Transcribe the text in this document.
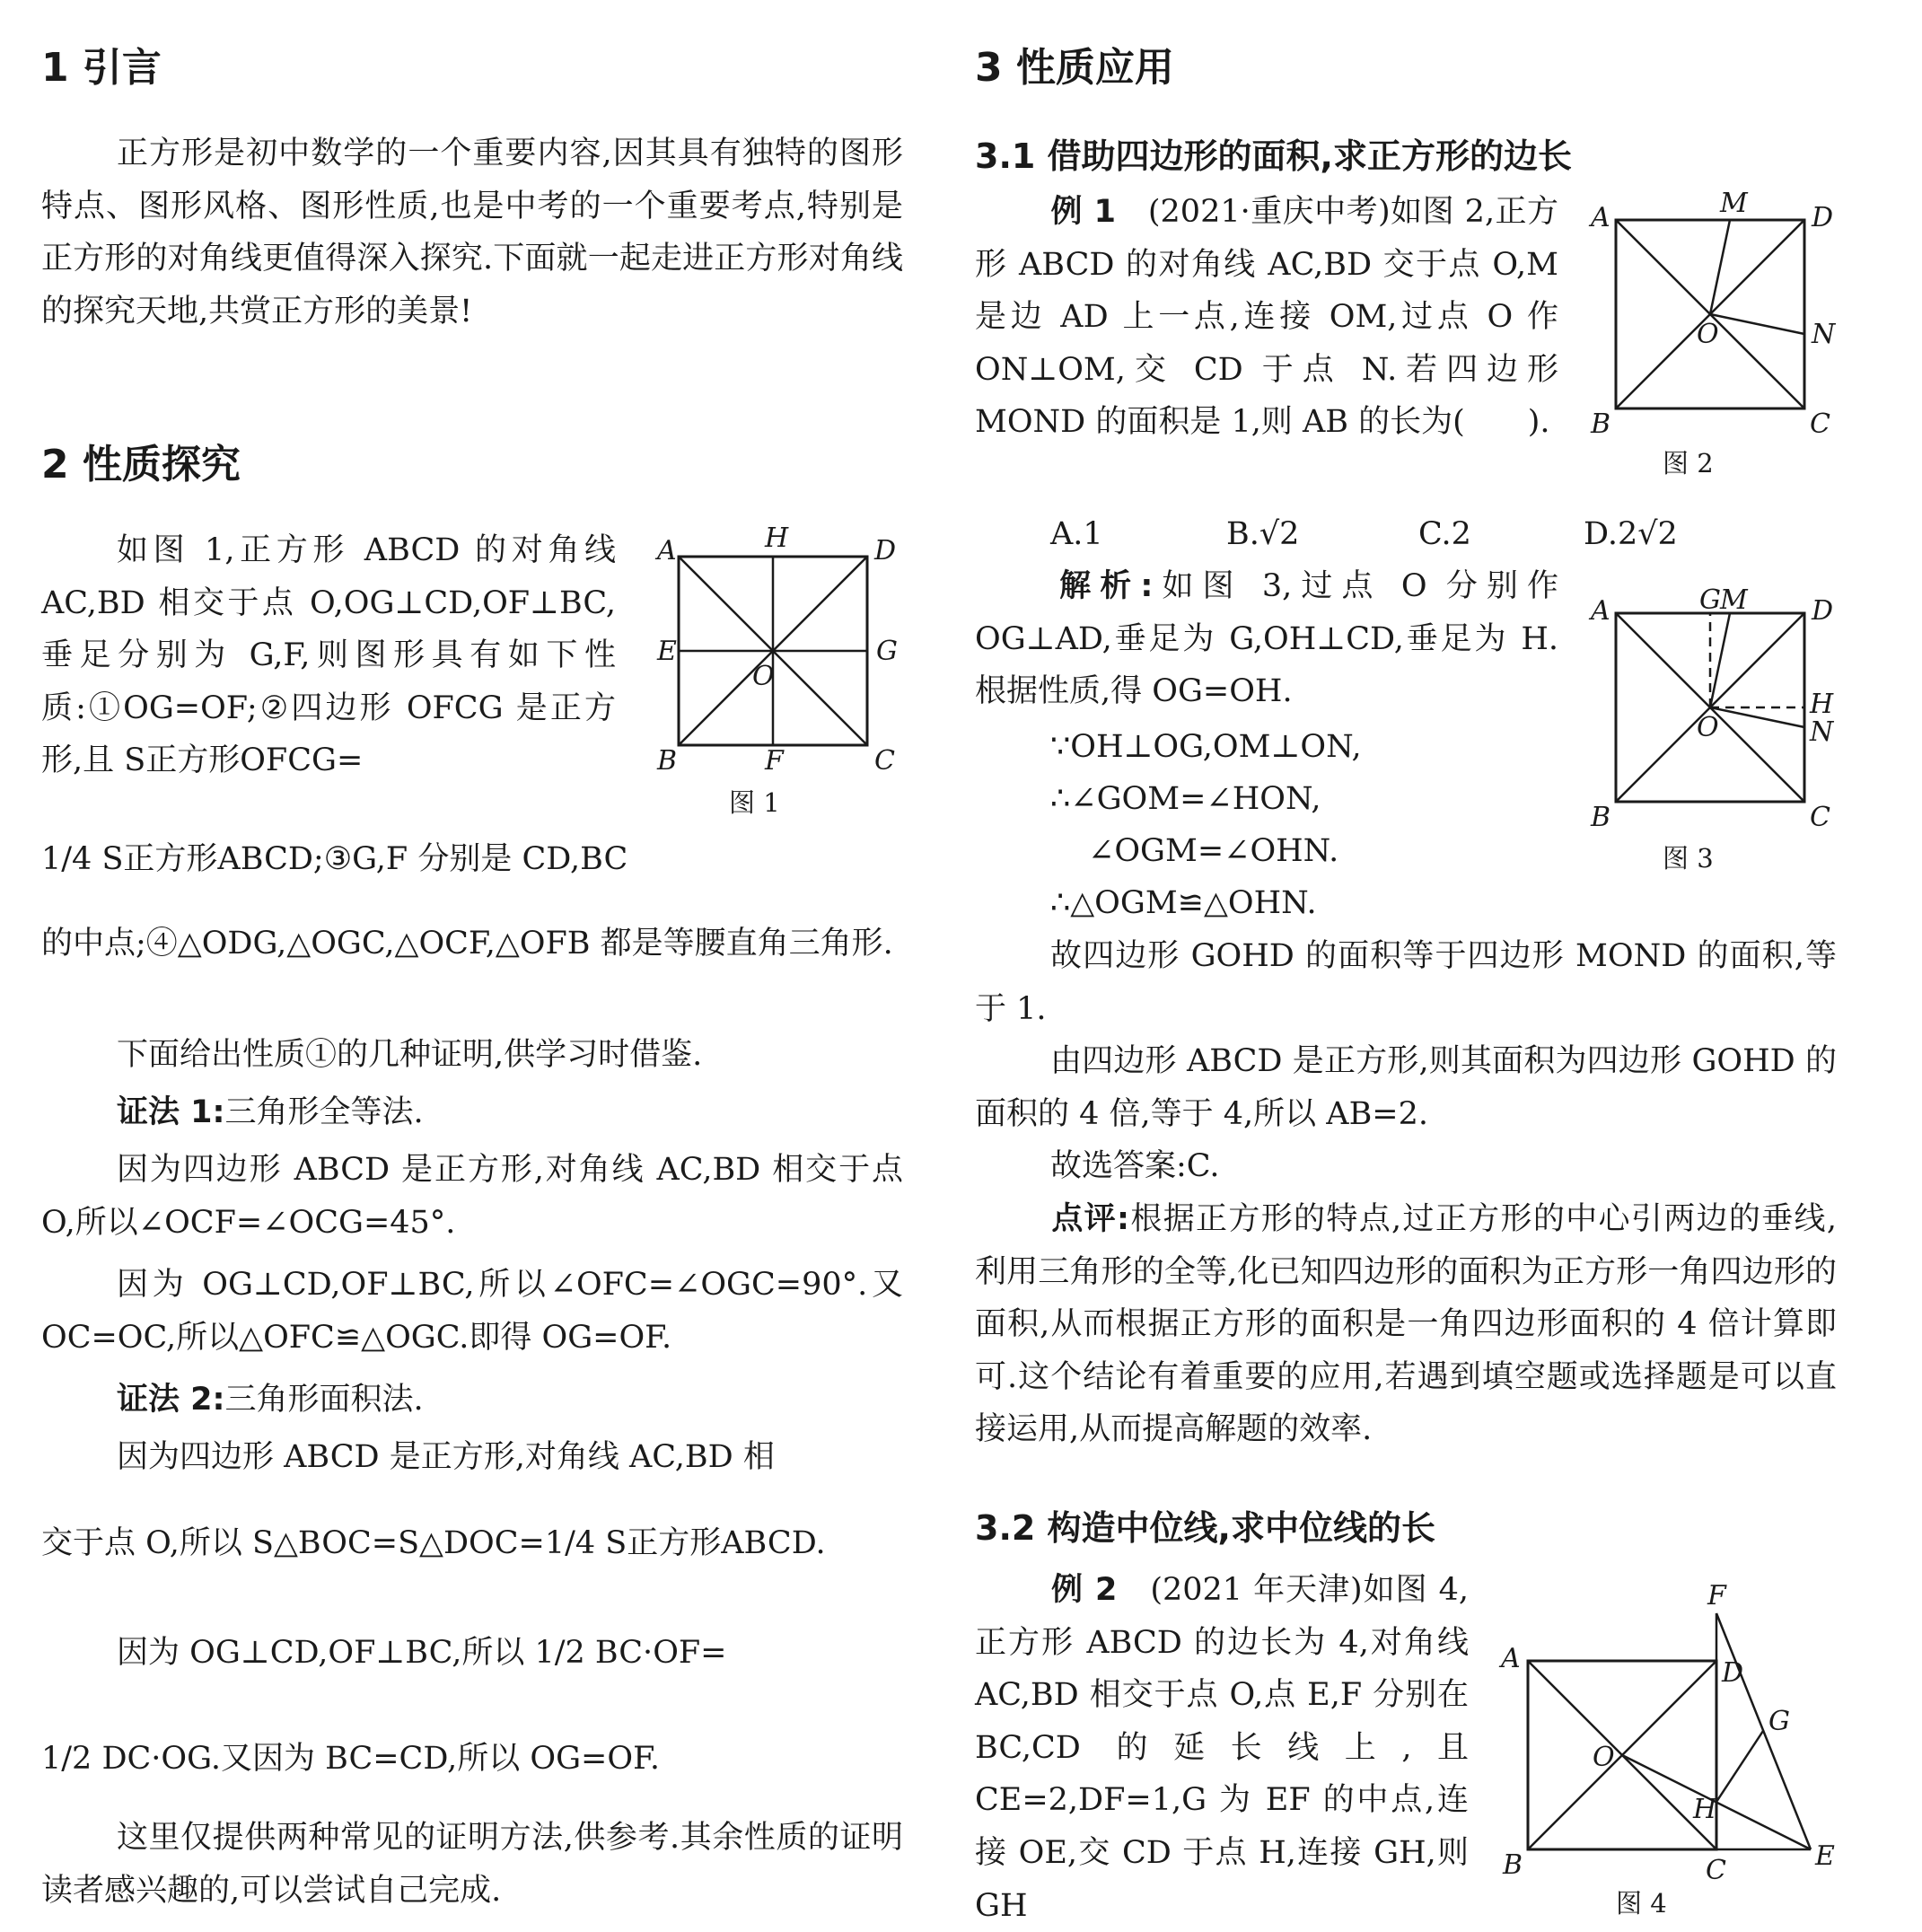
1 引言

正方形是初中数学的一个重要内容,因其具有独特的图形特点、图形风格、图形性质,也是中考的一个重要考点,特别是正方形的对角线更值得深入探究.下面就一起走进正方形对角线的探究天地,共赏正方形的美景!

2 性质探究

如图 1,正方形 ABCD 的对角线 AC,BD 相交于点 O,OG⊥CD,OF⊥BC,垂足分别为 G,F,则图形具有如下性质:①OG=OF;②四边形 OFCG 是正方形,且 S正方形OFCG=

1/4 S正方形ABCD;③G,F 分别是 CD,BC

的中点;④△ODG,△OGC,△OCF,△OFB 都是等腰直角三角形.

下面给出性质①的几种证明,供学习时借鉴.

证法 1:三角形全等法.

因为四边形 ABCD 是正方形,对角线 AC,BD 相交于点 O,所以∠OCF=∠OCG=45°.

因为 OG⊥CD,OF⊥BC,所以∠OFC=∠OGC=90°.又 OC=OC,所以△OFC≌△OGC.即得 OG=OF.

证法 2:三角形面积法.
因为四边形 ABCD 是正方形,对角线 AC,BD 相
交于点 O,所以 S△BOC=S△DOC=1/4 S正方形ABCD.
因为 OG⊥CD,OF⊥BC,所以 1/2 BC·OF=
1/2 DC·OG.又因为 BC=CD,所以 OG=OF.

这里仅提供两种常见的证明方法,供参考.其余性质的证明读者感兴趣的,可以尝试自己完成.

A	H	D
E	G
O
B	F	C
图 1
3 性质应用
3.1 借助四边形的面积,求正方形的边长

例 1　 (2021·重庆中考)如图 2,正方形 ABCD 的对角线 AC,BD 交于点 O,M 是边 AD 上一点,连接 OM,过点 O 作 ON⊥OM,交 CD 于点 N.若四边形 MOND 的面积是 1,则 AB 的长为(　　).

A.1	B.√2	C.2	D.2√2

解析:如图 3,过点 O 分别作 OG⊥AD,垂足为 G,OH⊥CD,垂足为 H.根据性质,得 OG=OH.

∵OH⊥OG,OM⊥ON,
∴∠GOM=∠HON,
∠OGM=∠OHN.
∴△OGM≌△OHN.

故四边形 GOHD 的面积等于四边形 MOND 的面积,等于 1.

由四边形 ABCD 是正方形,则其面积为四边形 GOHD 的面积的 4 倍,等于 4,所以 AB=2.

故选答案:C.

点评:根据正方形的特点,过正方形的中心引两边的垂线,利用三角形的全等,化已知四边形的面积为正方形一角四边形的面积,从而根据正方形的面积是一角四边形面积的 4 倍计算即可.这个结论有着重要的应用,若遇到填空题或选择题是可以直接运用,从而提高解题的效率.

3.2 构造中位线,求中位线的长

例 2　 (2021 年天津)如图 4,正方形 ABCD 的边长为 4,对角线 AC,BD 相交于点 O,点 E,F 分别在 BC,CD 的延长线上,且 CE=2,DF=1,G 为 EF 的中点,连接 OE,交 CD 于点 H,连接 GH,则 GH

A	M D
O	N
B	C
图 2
A	G M D
H
O	N
B	C
图 3
F
A	D
G
O
H
B	C	E
图 4
